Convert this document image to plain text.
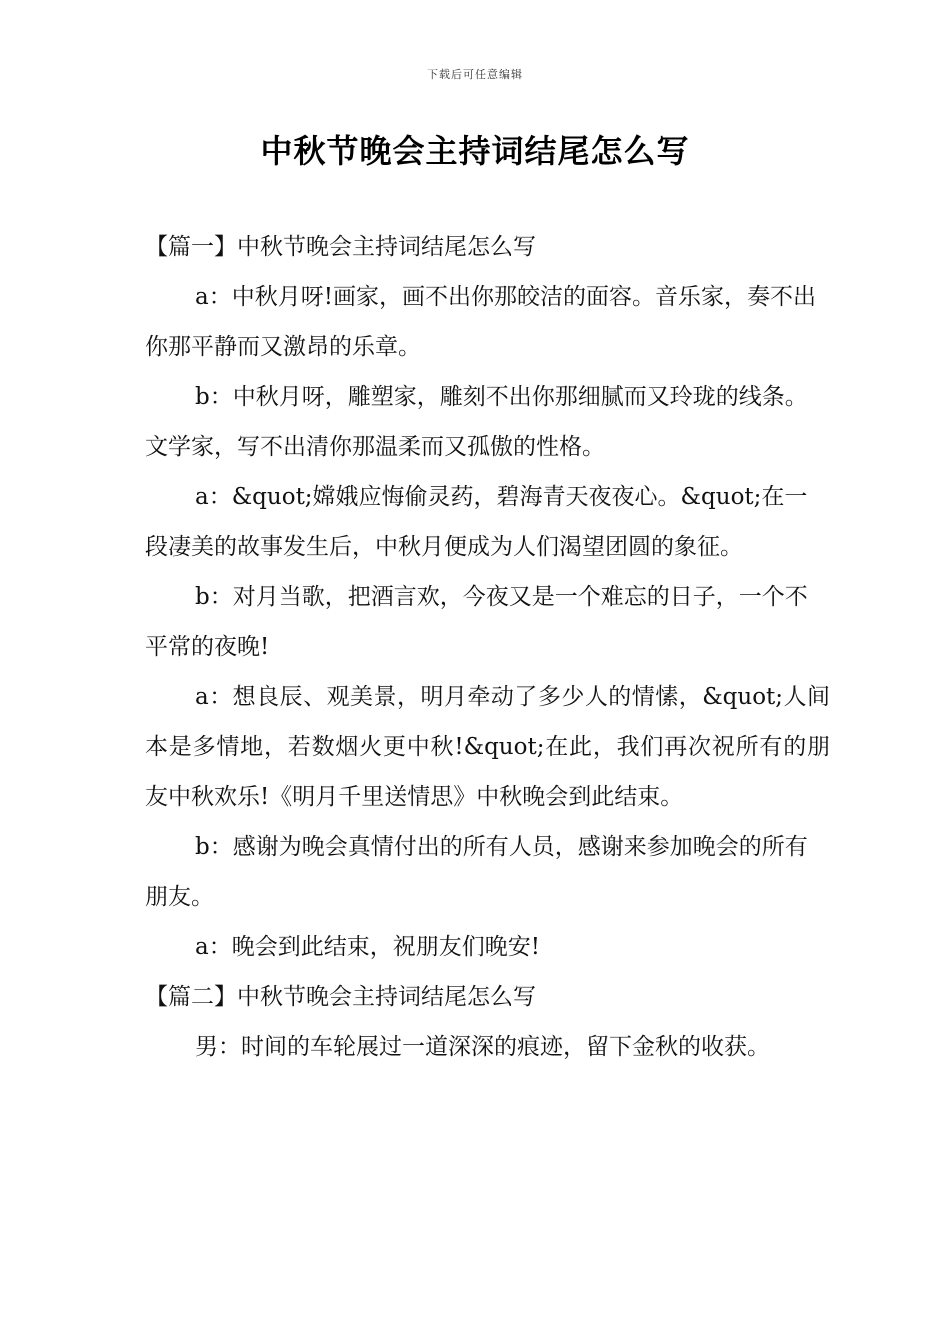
下载后可任意编辑
中秋节晚会主持词结尾怎么写

【篇一】中秋节晚会主持词结尾怎么写

a：中秋月呀!画家，画不出你那皎洁的面容。音乐家，奏不出你那平静而又激昂的乐章。

b：中秋月呀，雕塑家，雕刻不出你那细腻而又玲珑的线条。文学家，写不出清你那温柔而又孤傲的性格。

a：&quot;嫦娥应悔偷灵药，碧海青天夜夜心。&quot;在一段凄美的故事发生后，中秋月便成为人们渴望团圆的象征。

b：对月当歌，把酒言欢，今夜又是一个难忘的日子，一个不平常的夜晚!

a：想良辰、观美景，明月牵动了多少人的情愫，&quot;人间本是多情地，若数烟火更中秋!&quot;在此，我们再次祝所有的朋友中秋欢乐!《明月千里送情思》中秋晚会到此结束。

b：感谢为晚会真情付出的所有人员，感谢来参加晚会的所有朋友。

a：晚会到此结束，祝朋友们晚安!

【篇二】中秋节晚会主持词结尾怎么写

男：时间的车轮展过一道深深的痕迹，留下金秋的收获。
